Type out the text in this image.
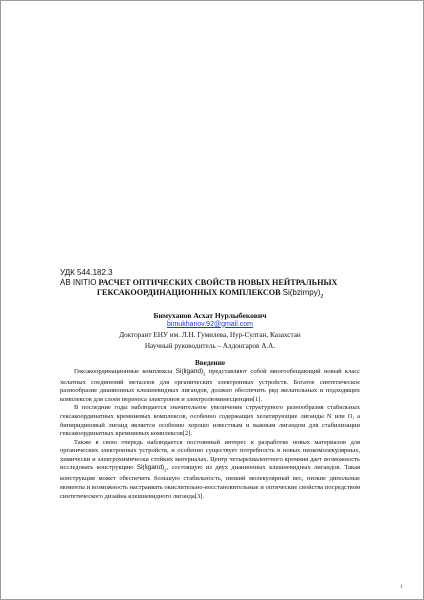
УДК 544.182.3
AB INITIO РАСЧЕТ ОПТИЧЕСКИХ СВОЙСТВ НОВЫХ НЕЙТРАЛЬНЫХ
ГЕКСАКООРДИНАЦИОННЫХ КОМПЛЕКСОВ $Si(bzimpy)_2$
Бимуханов Асхат Нурлыбекович
bimukhanov.92@gmail.com
Докторант ЕНУ им. Л.Н. Гумилева, Нур-Султан, Казахстан
Научный руководитель – Алдонгаров А.А.
Введение

Гексакоординационные комплексы $Si(ligand)_2$ представляют собой многообещающий новый класс хелатных соединений металлов для органических электронных устройств. Богатое синтетическое разнообразие дианионных клешневидных лигандов, должно обеспечить ряд желательных и подходящих комплексов для слоев переноса электронов и электролюминесценции[1].

В последние годы наблюдается значительное увеличение структурного разнообразия стабильных гексакоординатных кремниевых комплексов, особенно содержащих хелатирующие лиганды N или O, а бипиридиновый лиганд является особенно хорошо известным и важным лигандом для стабилизации гексакоординатных кремниевых комплексов[2].

Также в свою очередь наблюдается постоянный интерес к разработке новых материалов для органических электронных устройств, и особенно существует потребность в новых низкомолекулярных, химически и электрохимически стойких материалах. Центр четырехвалентного кремния дает возможность исследовать конструкцию $Si(ligand)_2$, состоящую из двух дианионных клешневидных лигандов. Такая конструкция может обеспечить большую стабильность, низкий молекулярный вес, низкие дипольные моменты и возможность настраивать окислительно-восстановительные и оптические свойства посредством синтетического дизайна клешневидного лиганда[3].

1
